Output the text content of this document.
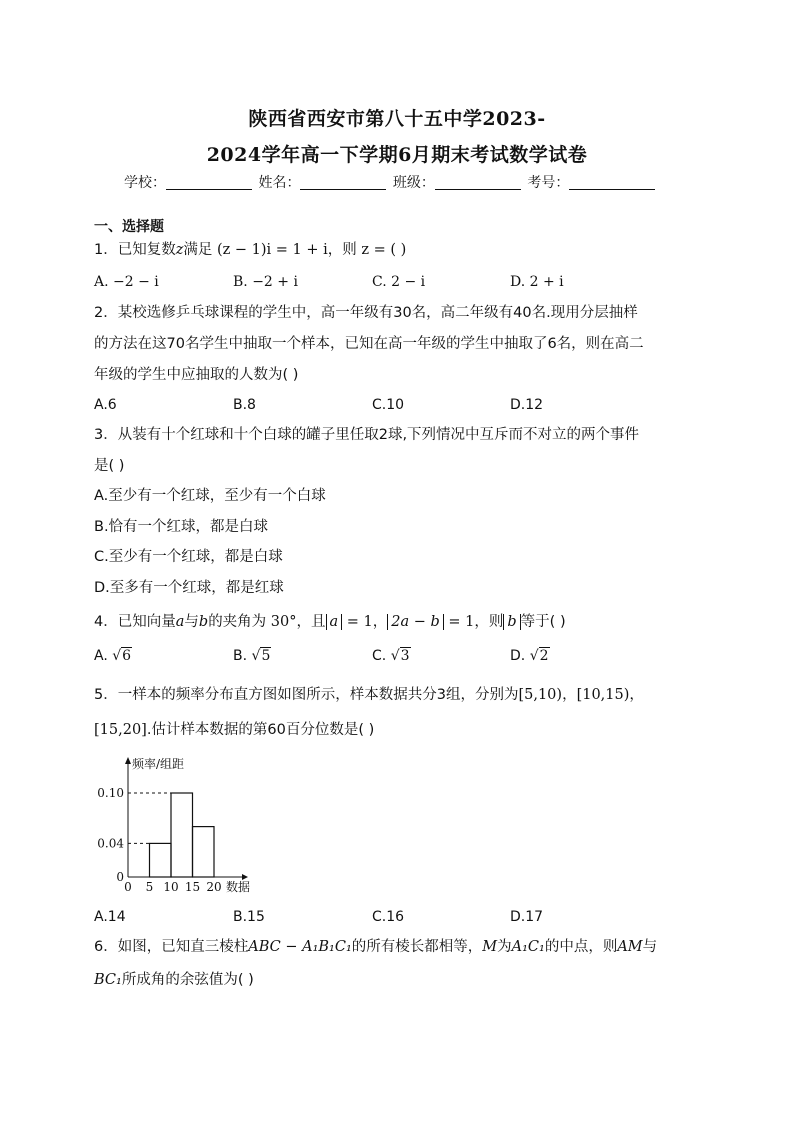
陕西省西安市第八十五中学2023-
2024学年高一下学期6月期末考试数学试卷
学校：	姓名：	班级：	考号：
一、选择题
1．已知复数z满足 (z − 1)i = 1 + i，则 z = ( )
A. −2 − i	B. −2 + i	C. 2 − i	D. 2 + i
2．某校选修乒乓球课程的学生中，高一年级有30名，高二年级有40名.现用分层抽样
的方法在这70名学生中抽取一个样本，已知在高一年级的学生中抽取了6名，则在高二
年级的学生中应抽取的人数为( )
A.6	B.8	C.10	D.12
3．从装有十个红球和十个白球的罐子里任取2球,下列情况中互斥而不对立的两个事件
是( )
A.至少有一个红球，至少有一个白球
B.恰有一个红球，都是白球
C.至少有一个红球，都是白球
D.至多有一个红球，都是红球
4．已知向量a与b的夹角为 30°，且 a = 1， 2a − b = 1，则 b 等于( )
A. √6	B. √5	C. √3	D. √2
5．一样本的频率分布直方图如图所示，样本数据共分3组，分别为[5,10)，[10,15)，
[15,20].估计样本数据的第60百分位数是( )
0
0.04
0.10
0 5 10 15 20
频率/组距
数据
A.14	B.15	C.16	D.17
6．如图，已知直三棱柱ABC − A₁B₁C₁的所有棱长都相等，M为A₁C₁的中点，则AM与
BC₁所成角的余弦值为( )
